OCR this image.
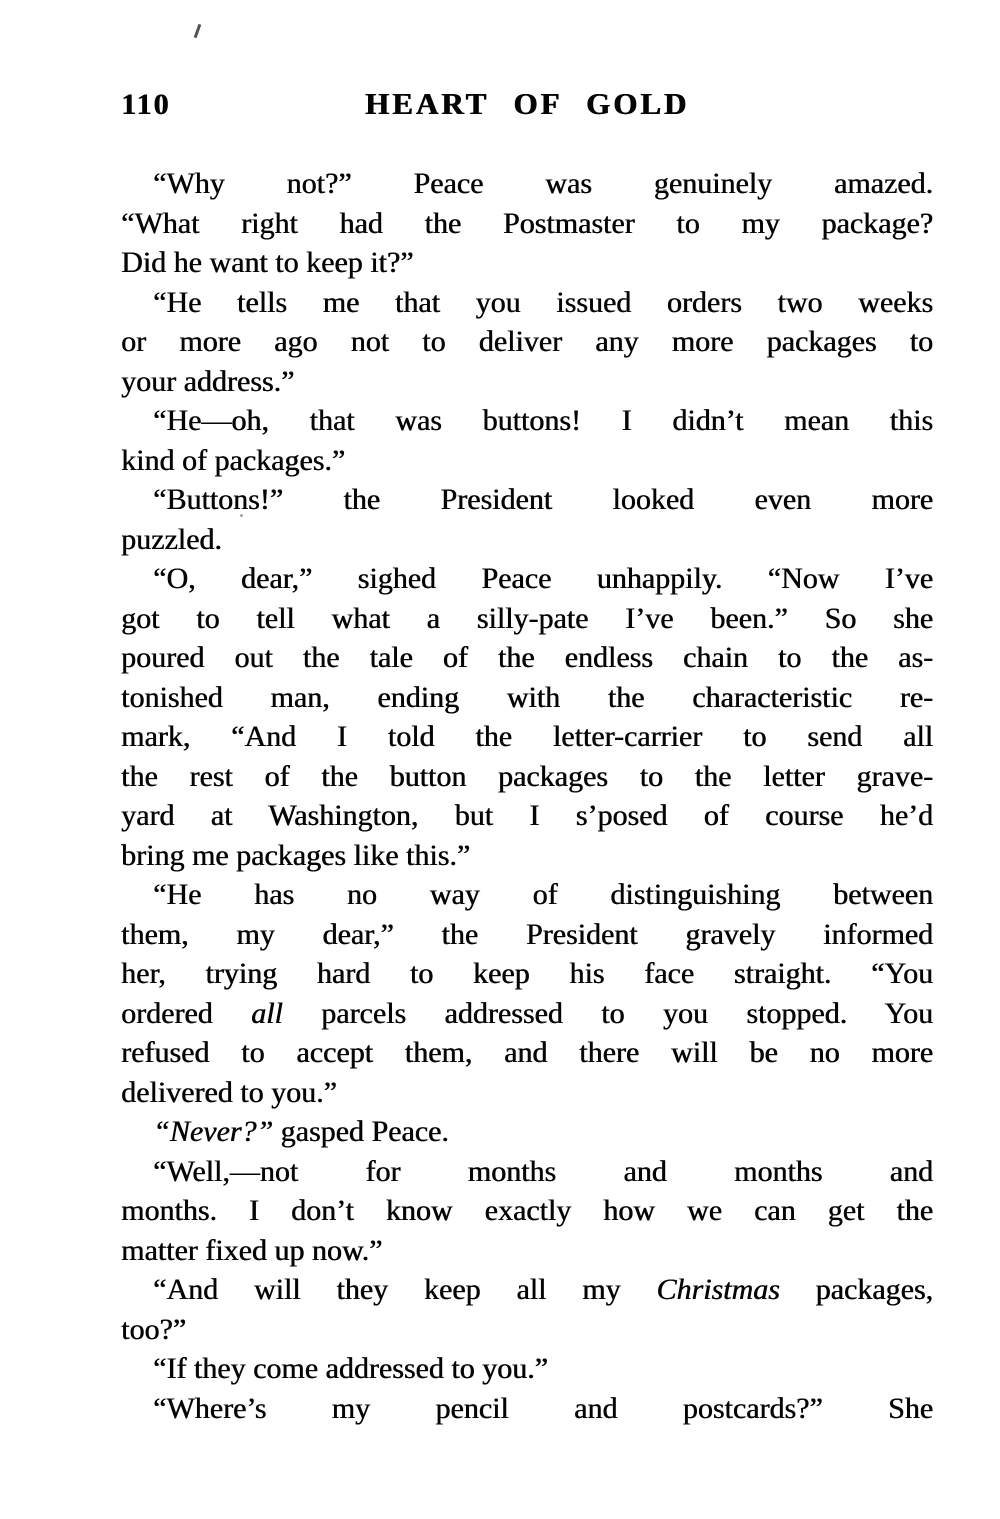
110	HEART OF GOLD
“Why not?” Peace was genuinely amazed.
“What right had the Postmaster to my package?
Did he want to keep it?”
“He tells me that you issued orders two weeks
or more ago not to deliver any more packages to
your address.”
“He—oh, that was buttons! I didn’t mean this
kind of packages.”
“Buttons!” the President looked even more
puzzled.
“O, dear,” sighed Peace unhappily. “Now I’ve
got to tell what a silly-pate I’ve been.” So she
poured out the tale of the endless chain to the as-
tonished man, ending with the characteristic re-
mark, “And I told the letter-carrier to send all
the rest of the button packages to the letter grave-
yard at Washington, but I s’posed of course he’d
bring me packages like this.”
“He has no way of distinguishing between
them, my dear,” the President gravely informed
her, trying hard to keep his face straight. “You
ordered all parcels addressed to you stopped. You
refused to accept them, and there will be no more
delivered to you.”
“Never?” gasped Peace.
“Well,—not for months and months and
months. I don’t know exactly how we can get the
matter fixed up now.”
“And will they keep all my Christmas packages,
too?”
“If they come addressed to you.”
“Where’s my pencil and postcards?” She
